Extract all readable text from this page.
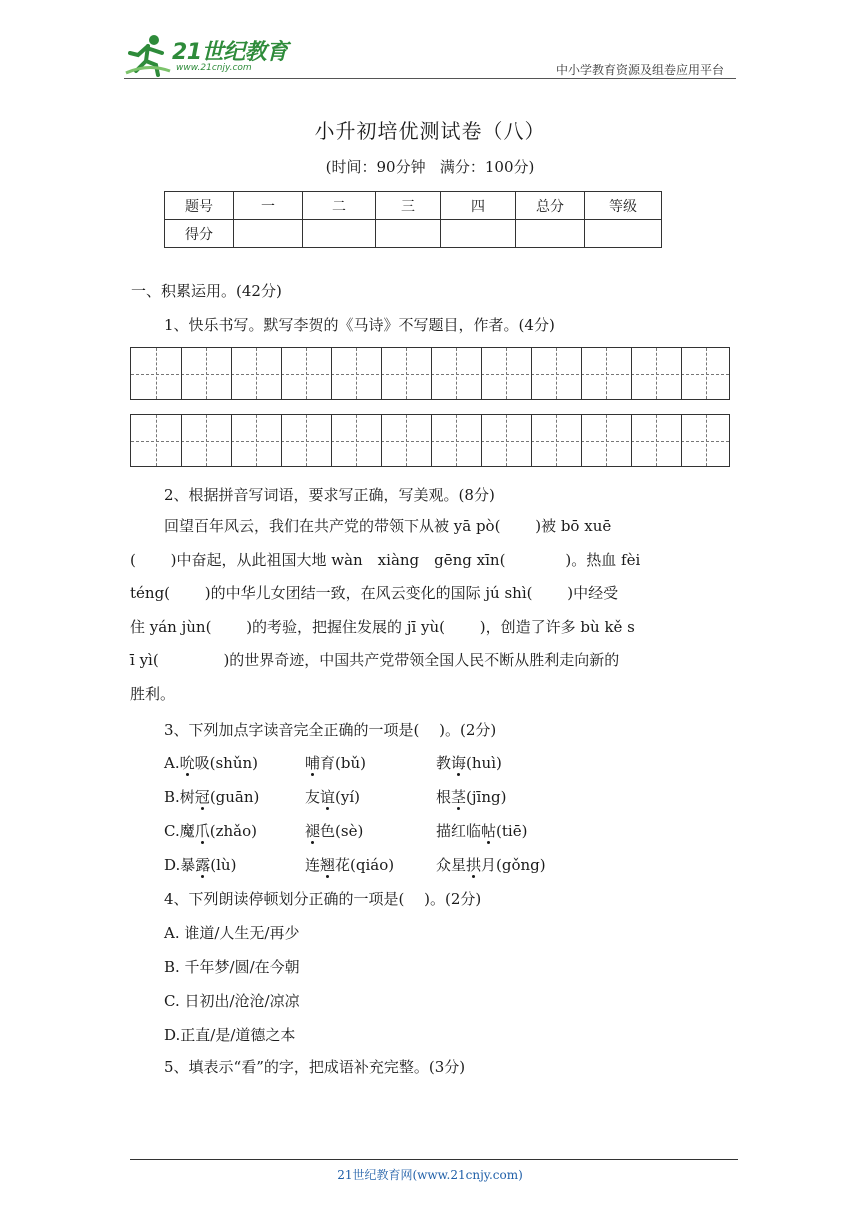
21世纪教育
www.21cnjy.com	中小学教育资源及组卷应用平台
小升初培优测试卷（八）
(时间：90分钟   满分：100分)
题号	一	二	三	四	总分	等级
得分						
一、积累运用。(42分)
1、快乐书写。默写李贺的《马诗》不写题目，作者。(4分)
2、根据拼音写词语，要求写正确，写美观。(8分)

回望百年风云，我们在共产党的带领下从被 yā pò(　　 )被 bō xuē

(　　 )中奋起，从此祖国大地 wàn　xiàng　gēng xīn(　　　　)。热血 fèi

téng(　　 )的中华儿女团结一致，在风云变化的国际 jú shì(　　 )中经受

住 yán jùn(　　 )的考验，把握住发展的 jī yù(　　 )，创造了许多 bù kě s

ī yì(　　　　 )的世界奇迹，中国共产党带领全国人民不断从胜利走向新的

胜利。

3、下列加点字读音完全正确的一项是(　 )。(2分)
A.吮吸(shǔn)	哺育(bǔ)	教诲(huì)
B.树冠(guān)	友谊(yí)	根茎(jīng)
C.魔爪(zhǎo)	褪色(sè)	描红临帖(tiē)
D.暴露(lù)	连翘花(qiáo)	众星拱月(gǒng)
4、下列朗读停顿划分正确的一项是(　 )。(2分)
A. 谁道/人生无/再少
B. 千年梦/圆/在今朝
C. 日初出/沧沧/凉凉
D.正直/是/道德之本
5、填表示“看”的字，把成语补充完整。(3分)
21世纪教育网(www.21cnjy.com)
